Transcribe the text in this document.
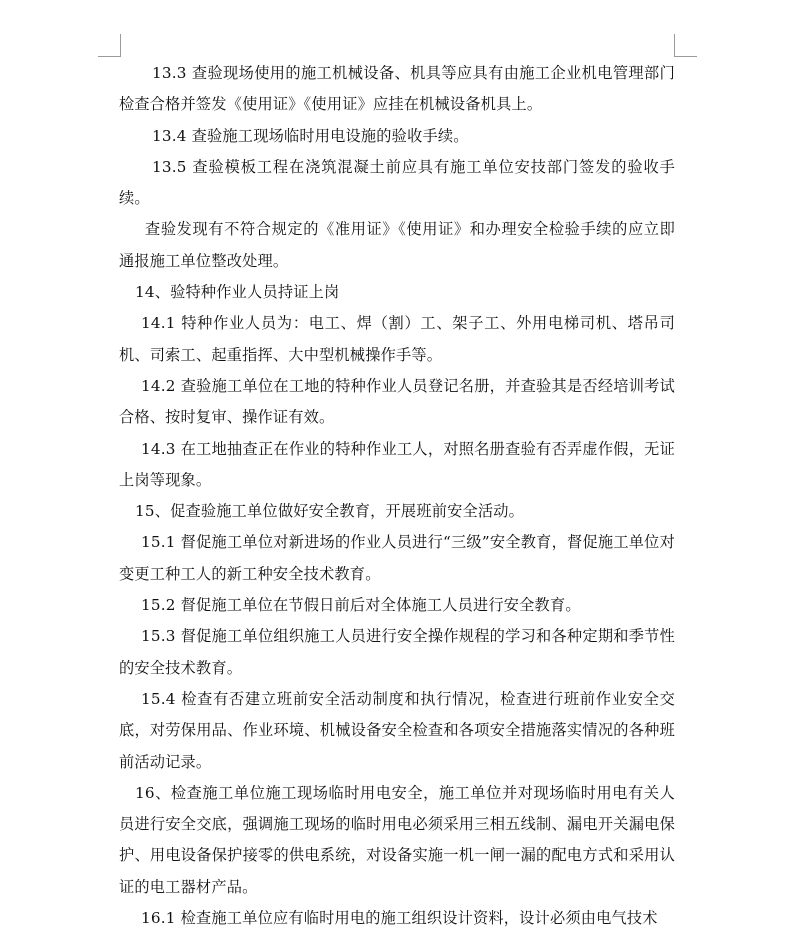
13.3 查验现场使用的施工机械设备、机具等应具有由施工企业机电管理部门检查合格并签发《使用证》《使用证》应挂在机械设备机具上。

13.4 查验施工现场临时用电设施的验收手续。

13.5 查验模板工程在浇筑混凝土前应具有施工单位安技部门签发的验收手续。

查验发现有不符合规定的《准用证》《使用证》和办理安全检验手续的应立即通报施工单位整改处理。

14、验特种作业人员持证上岗

14.1 特种作业人员为：电工、焊（割）工、架子工、外用电梯司机、塔吊司机、司索工、起重指挥、大中型机械操作手等。

14.2 查验施工单位在工地的特种作业人员登记名册，并查验其是否经培训考试合格、按时复审、操作证有效。

14.3 在工地抽查正在作业的特种作业工人，对照名册查验有否弄虚作假，无证上岗等现象。

15、促查验施工单位做好安全教育，开展班前安全活动。

15.1 督促施工单位对新进场的作业人员进行“三级”安全教育，督促施工单位对变更工种工人的新工种安全技术教育。

15.2 督促施工单位在节假日前后对全体施工人员进行安全教育。

15.3 督促施工单位组织施工人员进行安全操作规程的学习和各种定期和季节性的安全技术教育。

15.4 检查有否建立班前安全活动制度和执行情况，检查进行班前作业安全交底，对劳保用品、作业环境、机械设备安全检查和各项安全措施落实情况的各种班前活动记录。

16、检查施工单位施工现场临时用电安全，施工单位并对现场临时用电有关人员进行安全交底，强调施工现场的临时用电必须采用三相五线制、漏电开关漏电保护、用电设备保护接零的供电系统，对设备实施一机一闸一漏的配电方式和采用认证的电工器材产品。

16.1 检查施工单位应有临时用电的施工组织设计资料，设计必须由电气技术
